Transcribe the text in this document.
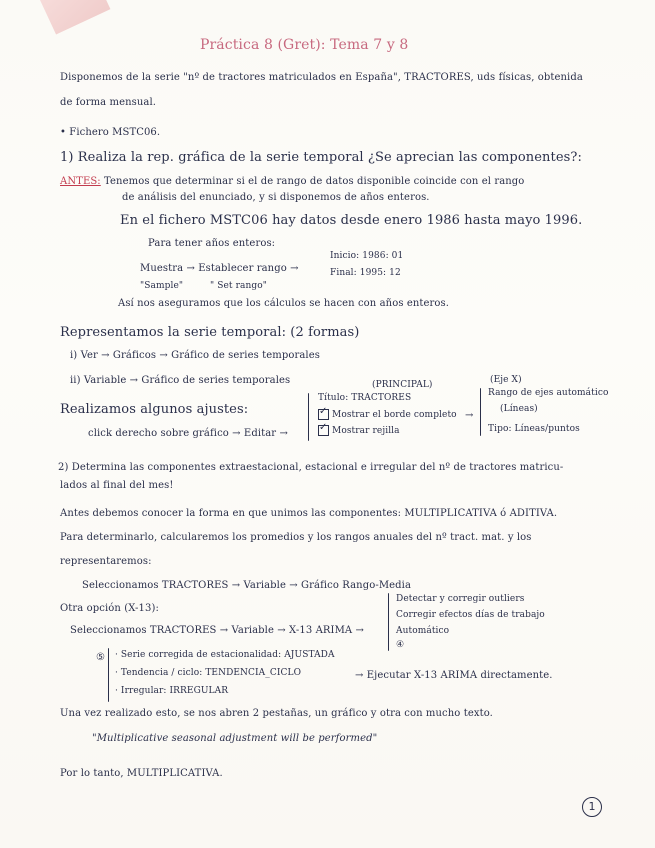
Práctica 8 (Gret): Tema 7 y 8
Disponemos de la serie "nº de tractores matriculados en España", TRACTORES, uds físicas, obtenida
de forma mensual.
• Fichero MSTC06.
1) Realiza la rep. gráfica de la serie temporal ¿Se aprecian las componentes?:
ANTES: Tenemos que determinar si el de rango de datos disponible coincide con el rango
de análisis del enunciado, y si disponemos de años enteros.
En el fichero MSTC06 hay datos desde enero 1986 hasta mayo 1996.
Para tener años enteros:
Muestra → Establecer rango →
"Sample"	" Set rango"
Inicio: 1986: 01
Final: 1995: 12
Así nos aseguramos que los cálculos se hacen con años enteros.
Representamos la serie temporal: (2 formas)
i) Ver → Gráficos → Gráfico de series temporales
ii) Variable → Gráfico de series temporales	(PRINCIPAL)	(Eje X)
Realizamos algunos ajustes:
click derecho sobre gráfico → Editar →
Título: TRACTORES
✓Mostrar el borde completo
✓Mostrar rejilla
→
Rango de ejes automático
(Líneas)
Tipo: Líneas/puntos
2) Determina las componentes extraestacional, estacional e irregular del nº de tractores matricu-
lados al final del mes!
Antes debemos conocer la forma en que unimos las componentes: MULTIPLICATIVA ó ADITIVA.
Para determinarlo, calcularemos los promedios y los rangos anuales del nº tract. mat. y los
representaremos:
Seleccionamos TRACTORES → Variable → Gráfico Rango-Media
Otra opción (X-13):
Seleccionamos TRACTORES → Variable → X-13 ARIMA →
Detectar y corregir outliers
Corregir efectos días de trabajo
Automático
④
⑤ · Serie corregida de estacionalidad: AJUSTADA
· Tendencia / ciclo: TENDENCIA_CICLO
· Irregular: IRREGULAR
→ Ejecutar X-13 ARIMA directamente.
Una vez realizado esto, se nos abren 2 pestañas, un gráfico y otra con mucho texto.
"Multiplicative seasonal adjustment will be performed"
Por lo tanto, MULTIPLICATIVA.
1
